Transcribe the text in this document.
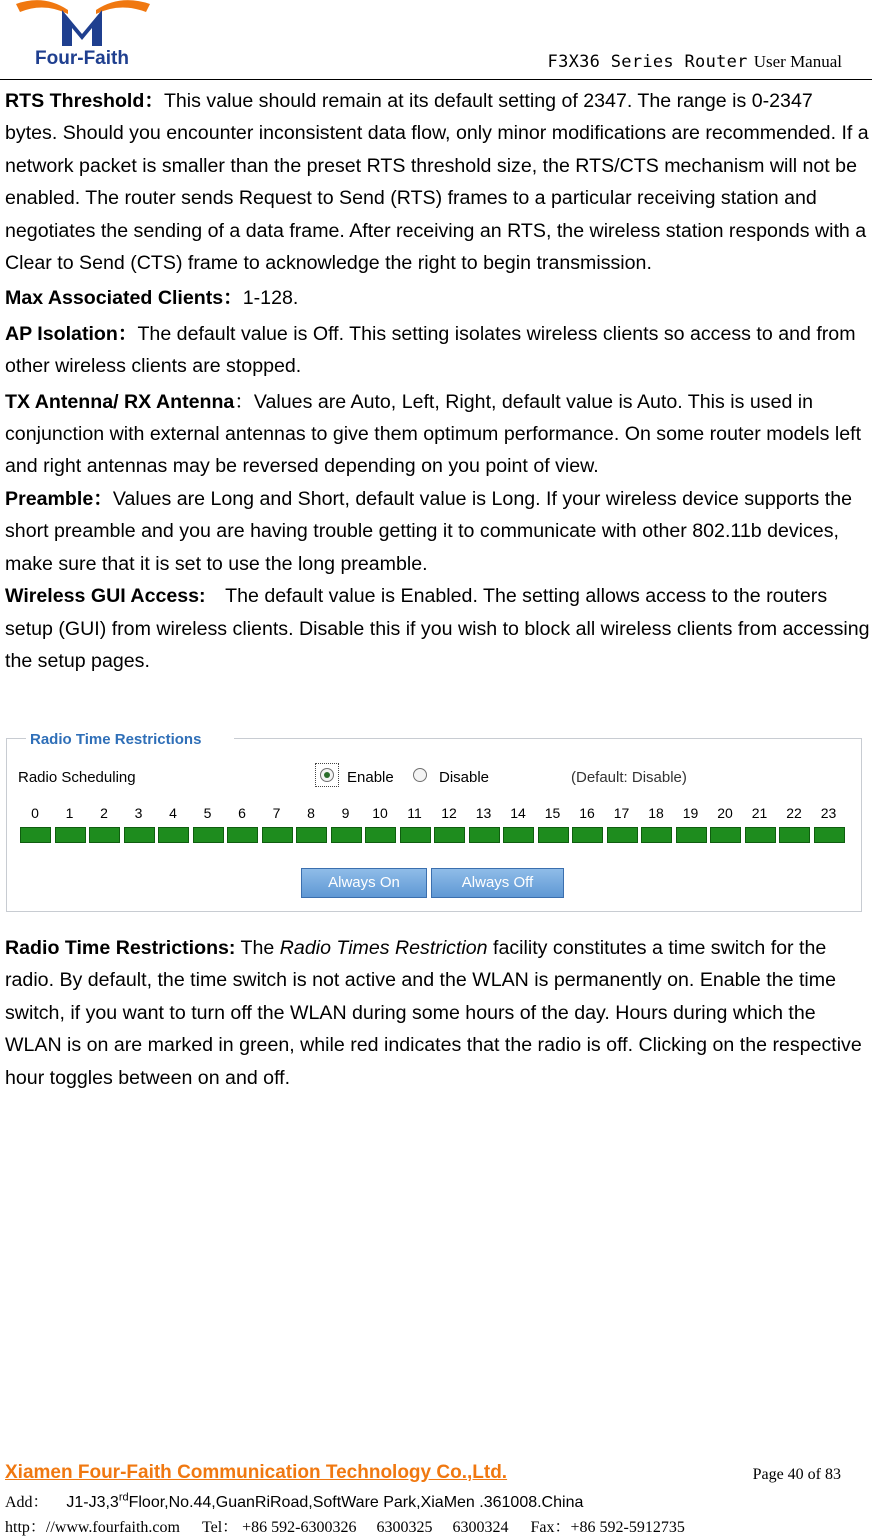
Four-Faith	F3X36 Series Router User Manual

RTS Threshold：This value should remain at its default setting of 2347. The range is 0-2347 bytes. Should you encounter inconsistent data flow, only minor modifications are recommended. If a network packet is smaller than the preset RTS threshold size, the RTS/CTS mechanism will not be enabled. The router sends Request to Send (RTS) frames to a particular receiving station and negotiates the sending of a data frame. After receiving an RTS, the wireless station responds with a Clear to Send (CTS) frame to acknowledge the right to begin transmission.

Max Associated Clients：1-128.

AP Isolation：The default value is Off. This setting isolates wireless clients so access to and from other wireless clients are stopped.

TX Antenna/ RX Antenna：Values are Auto, Left, Right, default value is Auto. This is used in conjunction with external antennas to give them optimum performance. On some router models left and right antennas may be reversed depending on you point of view.

Preamble：Values are Long and Short, default value is Long. If your wireless device supports the short preamble and you are having trouble getting it to communicate with other 802.11b devices, make sure that it is set to use the long preamble.

Wireless GUI Access:　The default value is Enabled. The setting allows access to the routers setup (GUI) from wireless clients. Disable this if you wish to block all wireless clients from accessing the setup pages.

Radio Time Restrictions
Radio Scheduling	Enable	Disable	(Default: Disable)
0	1	2	3	4	5	6	7	8	9	10	11	12	13	14	15	16	17	18	19	20	21	22	23
Always On	Always Off

Radio Time Restrictions: The Radio Times Restriction facility constitutes a time switch for the radio. By default, the time switch is not active and the WLAN is permanently on. Enable the time switch, if you want to turn off the WLAN during some hours of the day. Hours during which the WLAN is on are marked in green, while red indicates that the radio is off. Clicking on the respective hour toggles between on and off.

Xiamen Four-Faith Communication Technology Co.,Ltd.	Page 40 of 83
Add： J1-J3,3rdFloor,No.44,GuanRiRoad,SoftWare Park,XiaMen .361008.China
http：//www.fourfaith.com Tel： +86 592-6300326　 6300325　 6300324 Fax：+86 592-5912735
